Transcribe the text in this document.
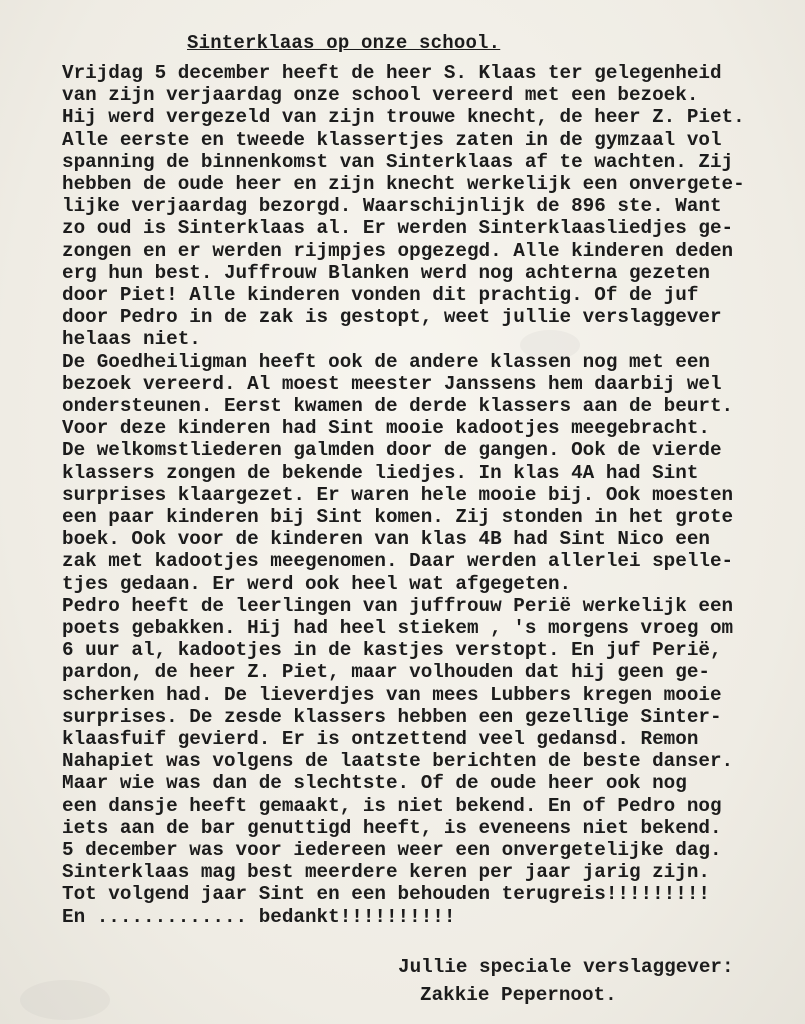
Sinterklaas op onze school.
Vrijdag 5 december heeft de heer S. Klaas ter gelegenheid
van zijn verjaardag onze school vereerd met een bezoek.
Hij werd vergezeld van zijn trouwe knecht, de heer Z. Piet.
Alle eerste en tweede klassertjes zaten in de gymzaal vol
spanning de binnenkomst van Sinterklaas af te wachten. Zij
hebben de oude heer en zijn knecht werkelijk een onvergete-
lijke verjaardag bezorgd. Waarschijnlijk de 896 ste. Want
zo oud is Sinterklaas al. Er werden Sinterklaasliedjes ge-
zongen en er werden rijmpjes opgezegd. Alle kinderen deden
erg hun best. Juffrouw Blanken werd nog achterna gezeten
door Piet! Alle kinderen vonden dit prachtig. Of de juf
door Pedro in de zak is gestopt, weet jullie verslaggever
helaas niet.
De Goedheiligman heeft ook de andere klassen nog met een
bezoek vereerd. Al moest meester Janssens hem daarbij wel
ondersteunen. Eerst kwamen de derde klassers aan de beurt.
Voor deze kinderen had Sint mooie kadootjes meegebracht.
De welkomstliederen galmden door de gangen. Ook de vierde
klassers zongen de bekende liedjes. In klas 4A had Sint
surprises klaargezet. Er waren hele mooie bij. Ook moesten
een paar kinderen bij Sint komen. Zij stonden in het grote
boek. Ook voor de kinderen van klas 4B had Sint Nico een
zak met kadootjes meegenomen. Daar werden allerlei spelle-
tjes gedaan. Er werd ook heel wat afgegeten.
Pedro heeft de leerlingen van juffrouw Perië werkelijk een
poets gebakken. Hij had heel stiekem , 's morgens vroeg om
6 uur al, kadootjes in de kastjes verstopt. En juf Perië,
pardon, de heer Z. Piet, maar volhouden dat hij geen ge-
scherken had. De lieverdjes van mees Lubbers kregen mooie
surprises. De zesde klassers hebben een gezellige Sinter-
klaasfuif gevierd. Er is ontzettend veel gedansd. Remon
Nahapiet was volgens de laatste berichten de beste danser.
Maar wie was dan de slechtste. Of de oude heer ook nog
een dansje heeft gemaakt, is niet bekend. En of Pedro nog
iets aan de bar genuttigd heeft, is eveneens niet bekend.
5 december was voor iedereen weer een onvergetelijke dag.
Sinterklaas mag best meerdere keren per jaar jarig zijn.
Tot volgend jaar Sint en een behouden terugreis!!!!!!!!!
En ............. bedankt!!!!!!!!!!
Jullie speciale verslaggever:
Zakkie Pepernoot.
